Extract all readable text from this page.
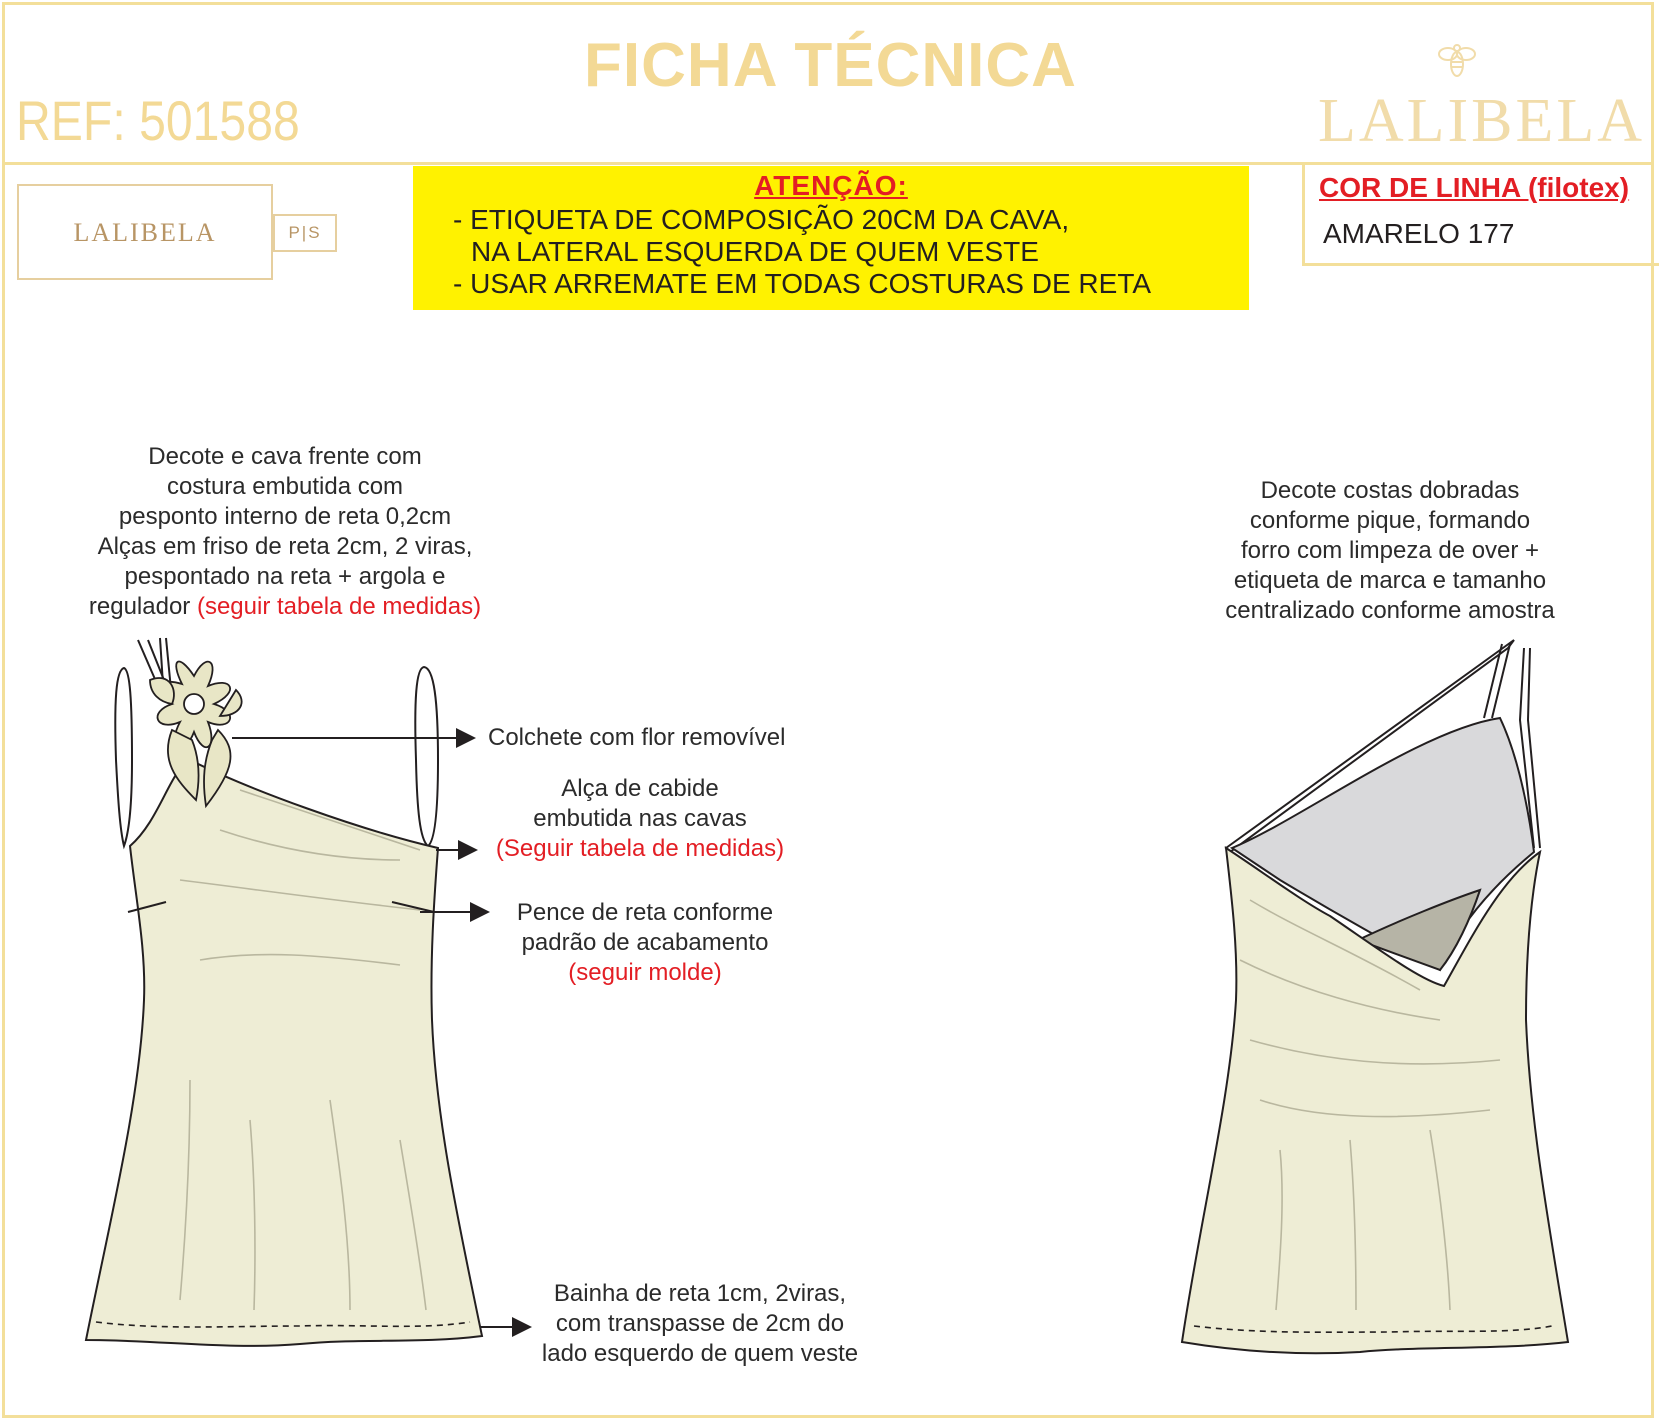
FICHA TÉCNICA
REF: 501588	LALIBELA
LALIBELA	P|S
ATENÇÃO:
- ETIQUETA DE COMPOSIÇÃO 20CM DA CAVA,
NA LATERAL ESQUERDA DE QUEM VESTE
- USAR ARREMATE EM TODAS COSTURAS DE RETA
COR DE LINHA (filotex)
AMARELO 177
Decote e cava frente com
costura embutida com
pesponto interno de reta 0,2cm
Alças em friso de reta 2cm, 2 viras,
pespontado na reta + argola e
regulador (seguir tabela de medidas)
Colchete com flor removível
Alça de cabide
embutida nas cavas
(Seguir tabela de medidas)
Pence de reta conforme
padrão de acabamento
(seguir molde)
Bainha de reta 1cm, 2viras,
com transpasse de 2cm do
lado esquerdo de quem veste
Decote costas dobradas
conforme pique, formando
forro com limpeza de over +
etiqueta de marca e tamanho
centralizado conforme amostra
